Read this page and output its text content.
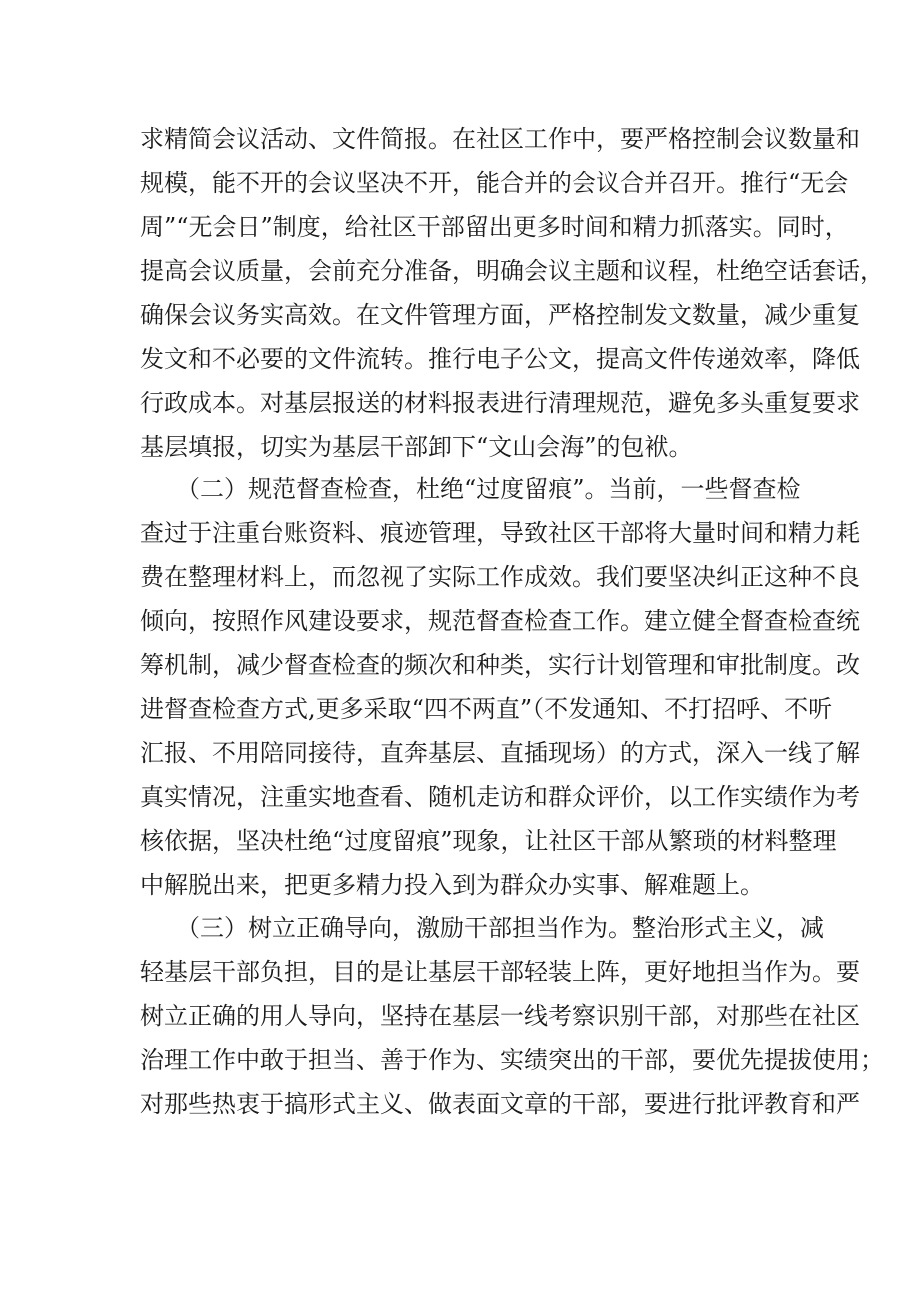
求精简会议活动、文件简报。在社区工作中，要严格控制会议数量和
规模，能不开的会议坚决不开，能合并的会议合并召开。推行“无会
周”“无会日”制度，给社区干部留出更多时间和精力抓落实。同时，
提高会议质量，会前充分准备，明确会议主题和议程，杜绝空话套话，
确保会议务实高效。在文件管理方面，严格控制发文数量，减少重复
发文和不必要的文件流转。推行电子公文，提高文件传递效率，降低
行政成本。对基层报送的材料报表进行清理规范，避免多头重复要求
基层填报，切实为基层干部卸下“文山会海”的包袱。
　　（二）规范督查检查，杜绝“过度留痕”。当前，一些督查检
查过于注重台账资料、痕迹管理，导致社区干部将大量时间和精力耗
费在整理材料上，而忽视了实际工作成效。我们要坚决纠正这种不良
倾向，按照作风建设要求，规范督查检查工作。建立健全督查检查统
筹机制，减少督查检查的频次和种类，实行计划管理和审批制度。改
进督查检查方式,更多采取“四不两直”（不发通知、不打招呼、不听
汇报、不用陪同接待，直奔基层、直插现场）的方式，深入一线了解
真实情况，注重实地查看、随机走访和群众评价，以工作实绩作为考
核依据，坚决杜绝“过度留痕”现象，让社区干部从繁琐的材料整理
中解脱出来，把更多精力投入到为群众办实事、解难题上。
　　（三）树立正确导向，激励干部担当作为。整治形式主义，减
轻基层干部负担，目的是让基层干部轻装上阵，更好地担当作为。要
树立正确的用人导向，坚持在基层一线考察识别干部，对那些在社区
治理工作中敢于担当、善于作为、实绩突出的干部，要优先提拔使用；
对那些热衷于搞形式主义、做表面文章的干部，要进行批评教育和严
